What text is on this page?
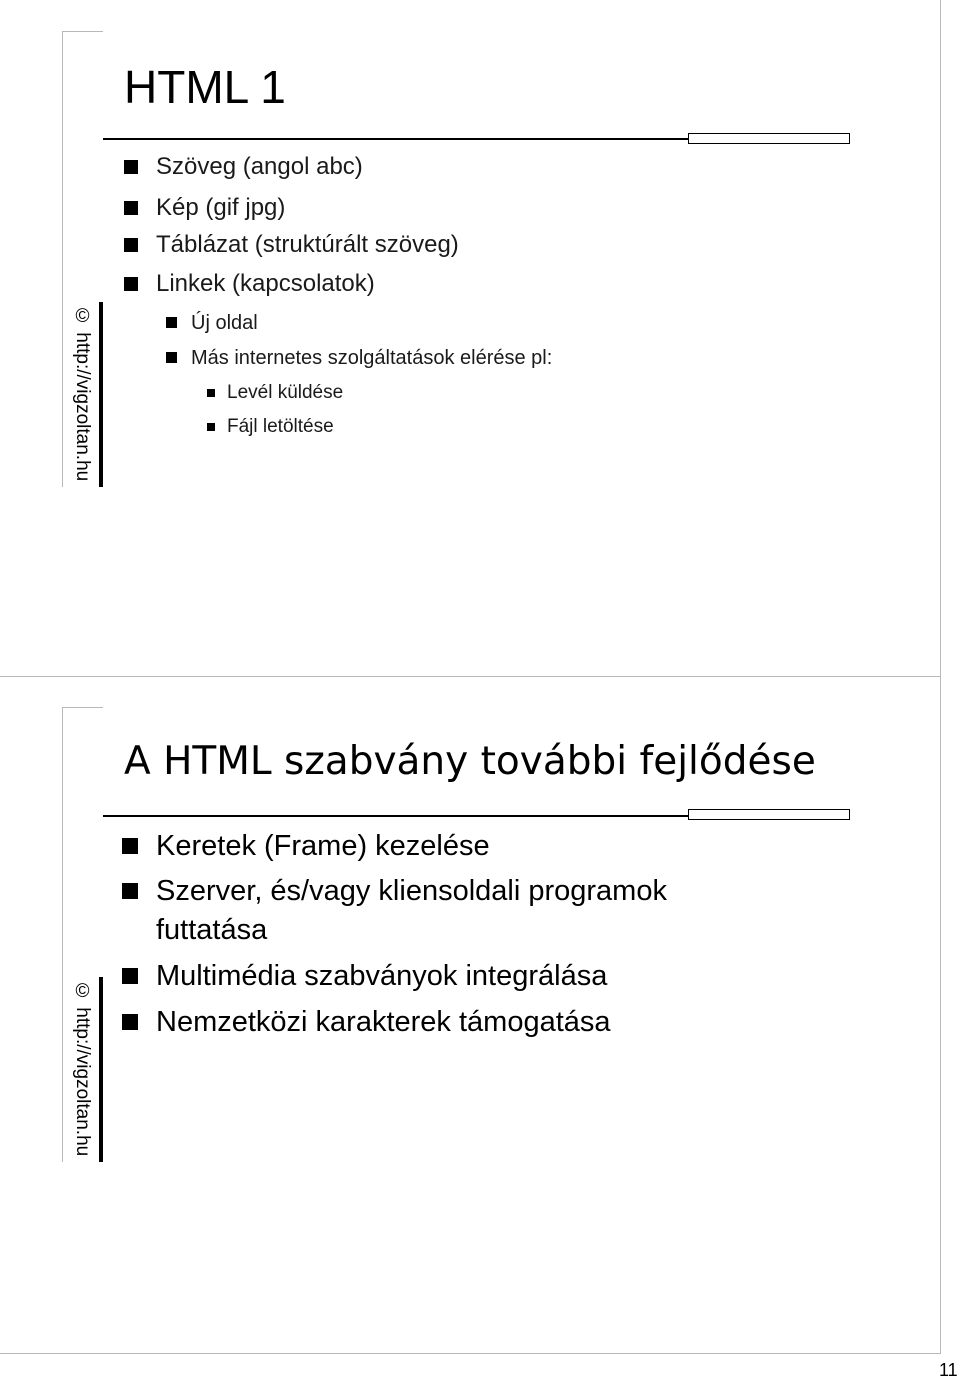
© http://vigzoltan.hu
HTML 1
Szöveg (angol abc)
Kép (gif jpg)
Táblázat (struktúrált szöveg)
Linkek (kapcsolatok)
Új oldal
Más internetes szolgáltatások elérése pl:
Levél küldése
Fájl letöltése
© http://vigzoltan.hu
A HTML szabvány további fejlődése
Keretek (Frame) kezelése
Szerver, és/vagy kliensoldali programok
futtatása
Multimédia szabványok integrálása
Nemzetközi karakterek támogatása
11
